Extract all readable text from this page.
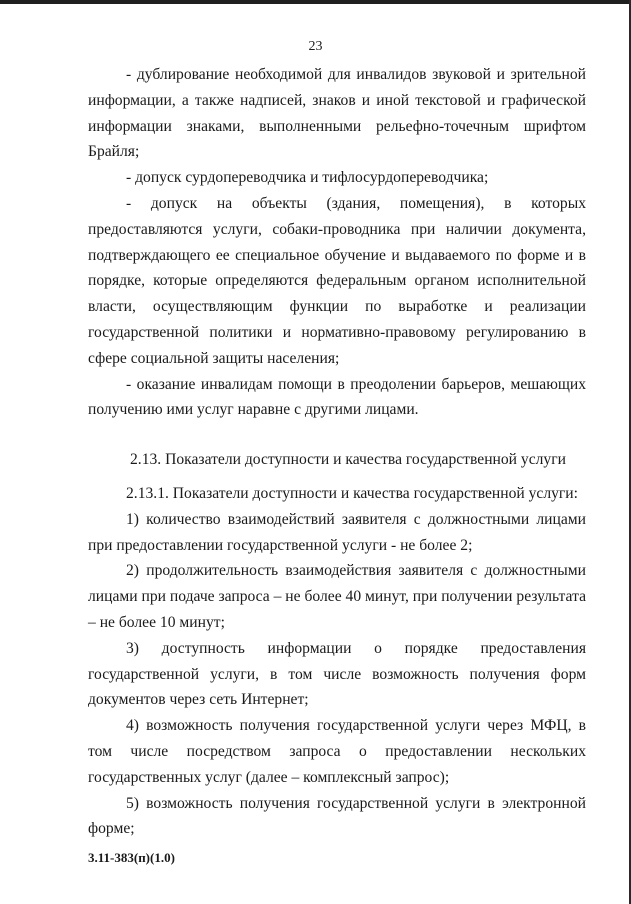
23

- дублирование необходимой для инвалидов звуковой и зрительной информации, а также надписей, знаков и иной текстовой и графической информации знаками, выполненными рельефно-точечным шрифтом Брайля;

- допуск сурдопереводчика и тифлосурдопереводчика;

- допуск на объекты (здания, помещения), в которых предоставляются услуги, собаки-проводника при наличии документа, подтверждающего ее специальное обучение и выдаваемого по форме и в порядке, которые определяются федеральным органом исполнительной власти, осуществляющим функции по выработке и реализации государственной политики и нормативно-правовому регулированию в сфере социальной защиты населения;

- оказание инвалидам помощи в преодолении барьеров, мешающих получению ими услуг наравне с другими лицами.

2.13. Показатели доступности и качества государственной услуги

2.13.1. Показатели доступности и качества государственной услуги:

1) количество взаимодействий заявителя с должностными лицами при предоставлении государственной услуги - не более 2;

2) продолжительность взаимодействия заявителя с должностными лицами при подаче запроса – не более 40 минут, при получении результата – не более 10 минут;

3) доступность информации о порядке предоставления государственной услуги, в том числе возможность получения форм документов через сеть Интернет;

4) возможность получения государственной услуги через МФЦ, в том числе посредством запроса о предоставлении нескольких государственных услуг (далее – комплексный запрос);

5) возможность получения государственной услуги в электронной форме;

3.11-383(п)(1.0)
